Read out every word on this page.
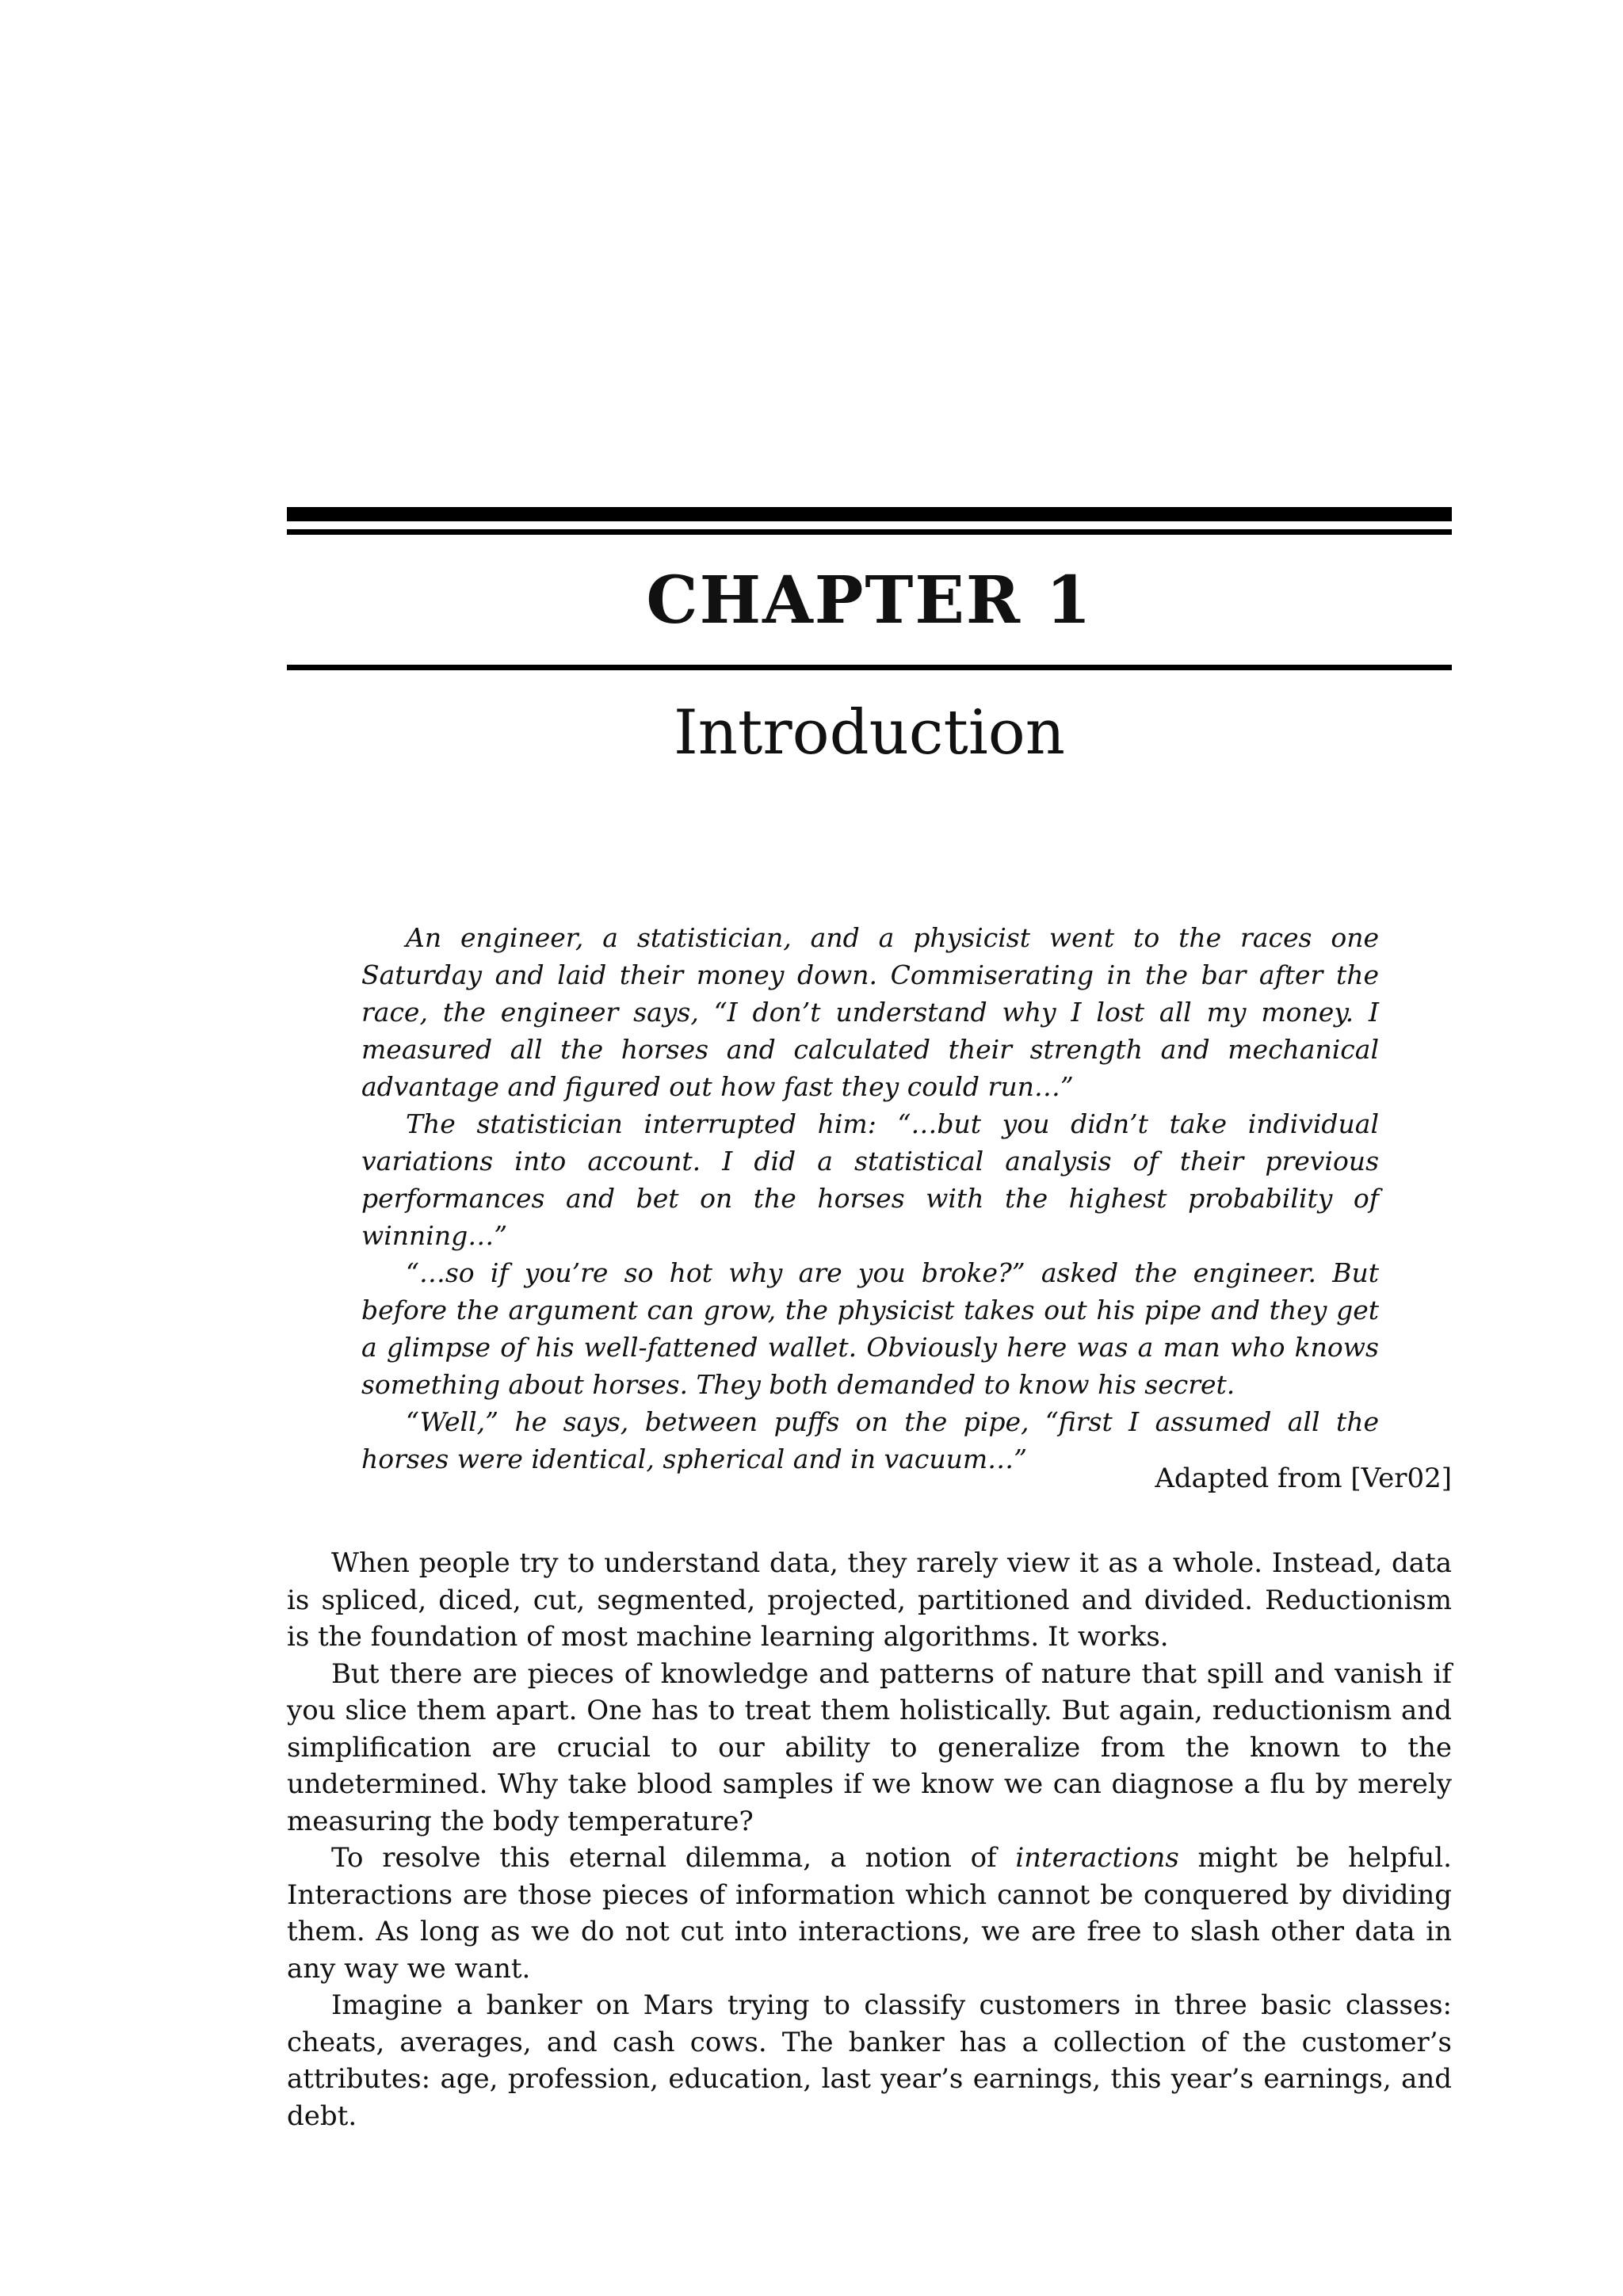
CHAPTER 1
Introduction

An engineer, a statistician, and a physicist went to the races one Saturday and laid their money down. Commiserating in the bar after the race, the engineer says, “I don’t understand why I lost all my money. I measured all the horses and calculated their strength and mechanical advantage and figured out how fast they could run…”

The statistician interrupted him: “…but you didn’t take individual variations into account. I did a statistical analysis of their previous performances and bet on the horses with the highest probability of winning…”

“…so if you’re so hot why are you broke?” asked the engineer. But before the argument can grow, the physicist takes out his pipe and they get a glimpse of his well-fattened wallet. Obviously here was a man who knows something about horses. They both demanded to know his secret.

“Well,” he says, between puffs on the pipe, “first I assumed all the horses were identical, spherical and in vacuum…”

Adapted from [Ver02]

When people try to understand data, they rarely view it as a whole. Instead, data is spliced, diced, cut, segmented, projected, partitioned and divided. Reductionism is the foundation of most machine learning algorithms. It works.

But there are pieces of knowledge and patterns of nature that spill and vanish if you slice them apart. One has to treat them holistically. But again, reductionism and simplification are crucial to our ability to generalize from the known to the undetermined. Why take blood samples if we know we can diagnose a flu by merely measuring the body temperature?

To resolve this eternal dilemma, a notion of interactions might be helpful. Interactions are those pieces of information which cannot be conquered by dividing them. As long as we do not cut into interactions, we are free to slash other data in any way we want.

Imagine a banker on Mars trying to classify customers in three basic classes: cheats, averages, and cash cows. The banker has a collection of the customer’s attributes: age, profession, education, last year’s earnings, this year’s earnings, and debt.
